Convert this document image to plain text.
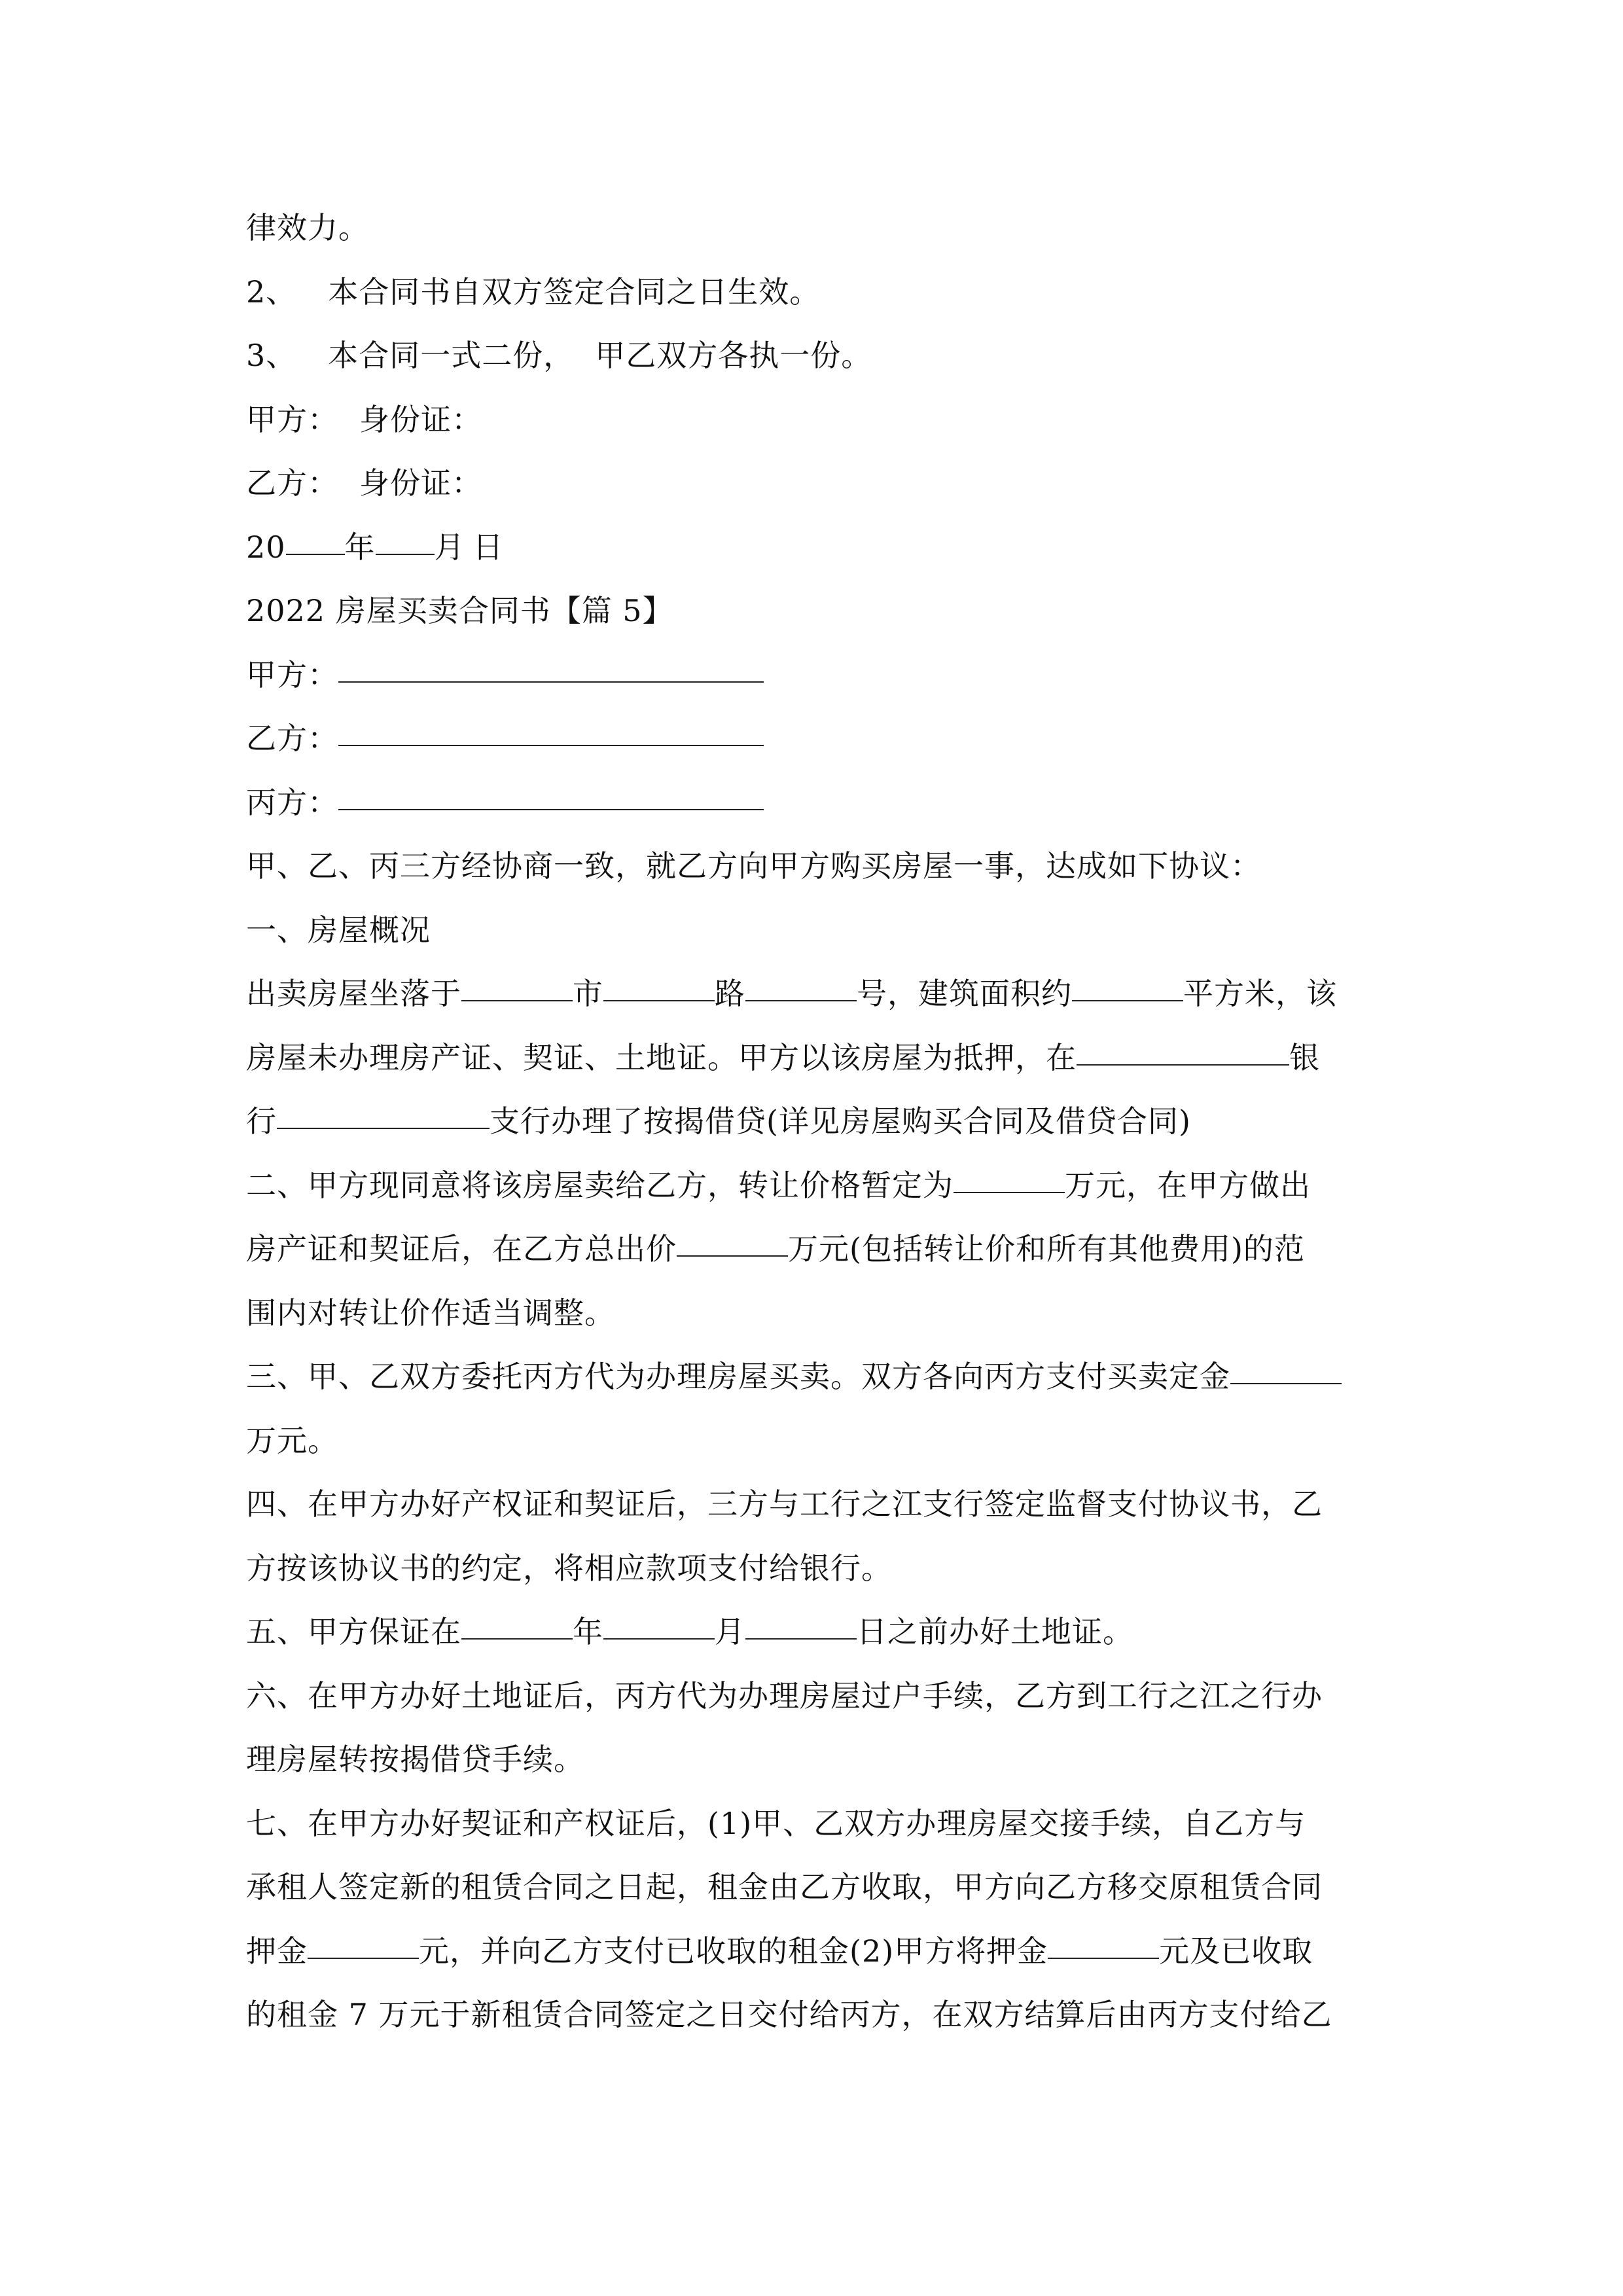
律效力。
2、 本合同书自双方签定合同之日生效。
3、 本合同一式二份， 甲乙双方各执一份。
甲方： 身份证：
乙方： 身份证：
20 年 月 日
2022 房屋买卖合同书【篇 5】
甲方：
乙方：
丙方：
甲、乙、丙三方经协商一致，就乙方向甲方购买房屋一事，达成如下协议：
一、房屋概况
出卖房屋坐落于	市	路	号，建筑面积约	平方米，该
房屋未办理房产证、契证、土地证。甲方以该房屋为抵押，在	银
行	支行办理了按揭借贷(详见房屋购买合同及借贷合同)
二、甲方现同意将该房屋卖给乙方，转让价格暂定为	万元，在甲方做出
房产证和契证后，在乙方总出价	万元(包括转让价和所有其他费用)的范
围内对转让价作适当调整。
三、甲、乙双方委托丙方代为办理房屋买卖。双方各向丙方支付买卖定金
万元。
四、在甲方办好产权证和契证后，三方与工行之江支行签定监督支付协议书，乙
方按该协议书的约定，将相应款项支付给银行。
五、甲方保证在	年	月	日之前办好土地证。
六、在甲方办好土地证后，丙方代为办理房屋过户手续，乙方到工行之江之行办
理房屋转按揭借贷手续。
七、在甲方办好契证和产权证后，(1)甲、乙双方办理房屋交接手续，自乙方与
承租人签定新的租赁合同之日起，租金由乙方收取，甲方向乙方移交原租赁合同
押金	元，并向乙方支付已收取的租金(2)甲方将押金	元及已收取
的租金 7 万元于新租赁合同签定之日交付给丙方，在双方结算后由丙方支付给乙
